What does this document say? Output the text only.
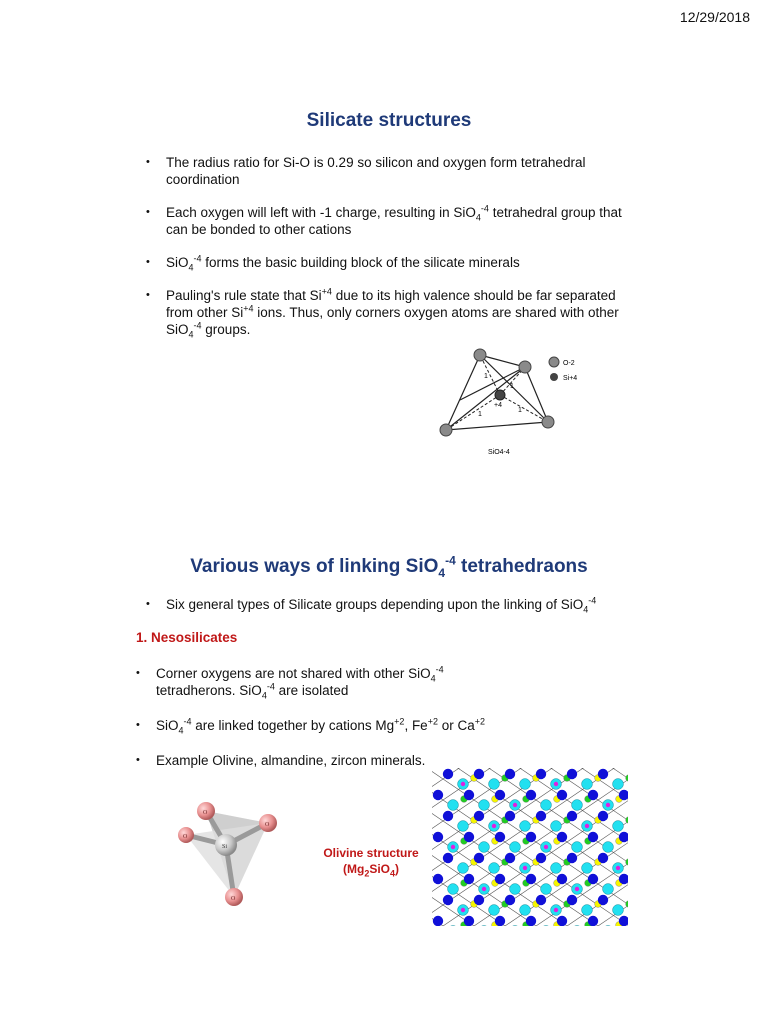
12/29/2018
Silicate structures
• The radius ratio for Si-O is 0.29 so silicon and oxygen form tetrahedral coordination
• Each oxygen will left with -1 charge, resulting in SiO$_4^{-4}$ tetrahedral group that can be bonded to other cations
• SiO$_4^{-4}$ forms the basic building block of the silicate minerals
• Pauling's rule state that $Si^{+4}$ due to its high valence should be far separated from other $Si^{+4}$ ions. Thus, only corners oxygen atoms are shared with other SiO$_4^{-4}$ groups.
+4
1
1
1
1
O-2
Si+4
SiO4-4
Various ways of linking SiO$_4^{-4}$ tetrahedraons
• Six general types of Silicate groups depending upon the linking of SiO$_4^{-4}$
1. Nesosilicates
• Corner oxygens are not shared with other SiO$_4^{-4}$
tetradherons. SiO$_4^{-4}$ are isolated
• SiO$_4^{-4}$ are linked together by cations $Mg^{+2}$, $Fe^{+2}$ or $Ca^{+2}$
• Example Olivine, almandine, zircon minerals.
O
O
O
O
Si	Olivine structure
$(Mg_2SiO_4)$
